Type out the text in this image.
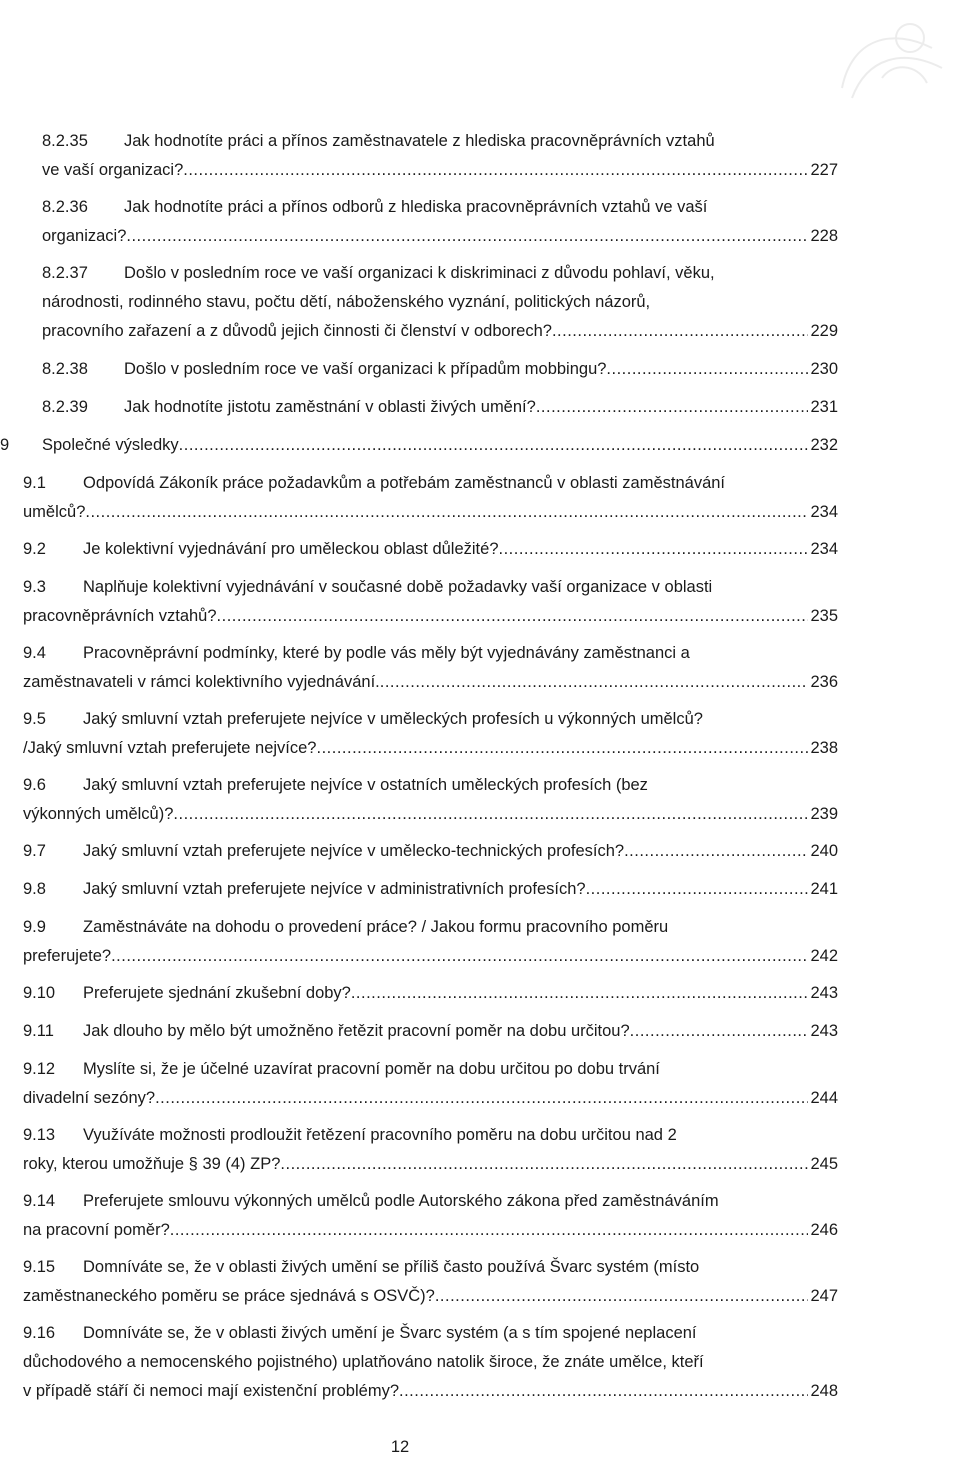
8.2.35 Jak hodnotíte práci a přínos zaměstnavatele z hlediska pracovněprávních vztahů
ve vaší organizaci? .....	227
8.2.36 Jak hodnotíte práci a přínos odborů z hlediska pracovněprávních vztahů ve vaší
organizaci? .....	228
8.2.37 Došlo v posledním roce ve vaší organizaci k diskriminaci z důvodu pohlaví, věku,
národnosti, rodinného stavu, počtu dětí, náboženského vyznání, politických názorů,
pracovního zařazení a z důvodů jejich činnosti či členství v odborech? .....	229
8.2.38 Došlo v posledním roce ve vaší organizaci k případům mobbingu? .....	230
8.2.39 Jak hodnotíte jistotu zaměstnání v oblasti živých umění? .....	231
9 Společné výsledky .....	232
9.1 Odpovídá Zákoník práce požadavkům a potřebám zaměstnanců v oblasti zaměstnávání
umělců? .....	234
9.2 Je kolektivní vyjednávání pro uměleckou oblast důležité? .....	234
9.3 Naplňuje kolektivní vyjednávání v současné době požadavky vaší organizace v oblasti
pracovněprávních vztahů? .....	235
9.4 Pracovněprávní podmínky, které by podle vás měly být vyjednávány zaměstnanci a
zaměstnavateli v rámci kolektivního vyjednávání. .....	236
9.5 Jaký smluvní vztah preferujete nejvíce v uměleckých profesích u výkonných umělců?
/Jaký smluvní vztah preferujete nejvíce? .....	238
9.6 Jaký smluvní vztah preferujete nejvíce v ostatních uměleckých profesích (bez
výkonných umělců)? .....	239
9.7 Jaký smluvní vztah preferujete nejvíce v umělecko-technických profesích? .....	240
9.8 Jaký smluvní vztah preferujete nejvíce v administrativních profesích? .....	241
9.9 Zaměstnáváte na dohodu o provedení práce? / Jakou formu pracovního poměru
preferujete? .....	242
9.10 Preferujete sjednání zkušební doby? .....	243
9.11 Jak dlouho by mělo být umožněno řetězit pracovní poměr na dobu určitou? .....	243
9.12 Myslíte si, že je účelné uzavírat pracovní poměr na dobu určitou po dobu trvání
divadelní sezóny? .....	244
9.13 Využíváte možnosti prodloužit řetězení pracovního poměru na dobu určitou nad 2
roky, kterou umožňuje § 39 (4) ZP? .....	245
9.14 Preferujete smlouvu výkonných umělců podle Autorského zákona před zaměstnáváním
na pracovní poměr? .....	246
9.15 Domníváte se, že v oblasti živých umění se příliš často používá Švarc systém (místo
zaměstnaneckého poměru se práce sjednává s OSVČ)? .....	247
9.16 Domníváte se, že v oblasti živých umění je Švarc systém (a s tím spojené neplacení
důchodového a nemocenského pojistného) uplatňováno natolik široce, že znáte umělce, kteří
v případě stáří či nemoci mají existenční problémy? .....	248
12
